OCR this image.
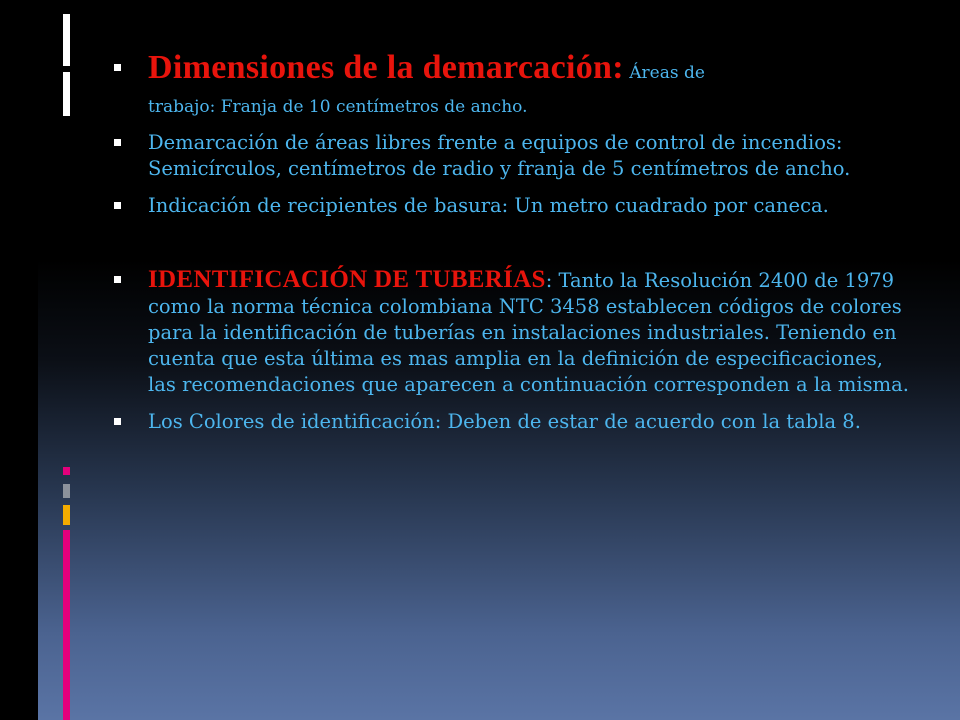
Dimensiones de la demarcación: Áreas de
trabajo: Franja de 10 centímetros de ancho.
Demarcación de áreas libres frente a equipos de control de incendios: Semicírculos, centímetros de radio y franja de 5 centímetros de ancho.
Indicación de recipientes de basura: Un metro cuadrado por caneca.
IDENTIFICACIÓN DE TUBERÍAS: Tanto la Resolución 2400 de 1979 como la norma técnica colombiana NTC 3458 establecen códigos de colores para la identificación de tuberías en instalaciones industriales. Teniendo en cuenta que esta última es mas amplia en la definición de especificaciones, las recomendaciones que aparecen a continuación corresponden a la misma.
Los Colores de identificación: Deben de estar de acuerdo con la tabla 8.
